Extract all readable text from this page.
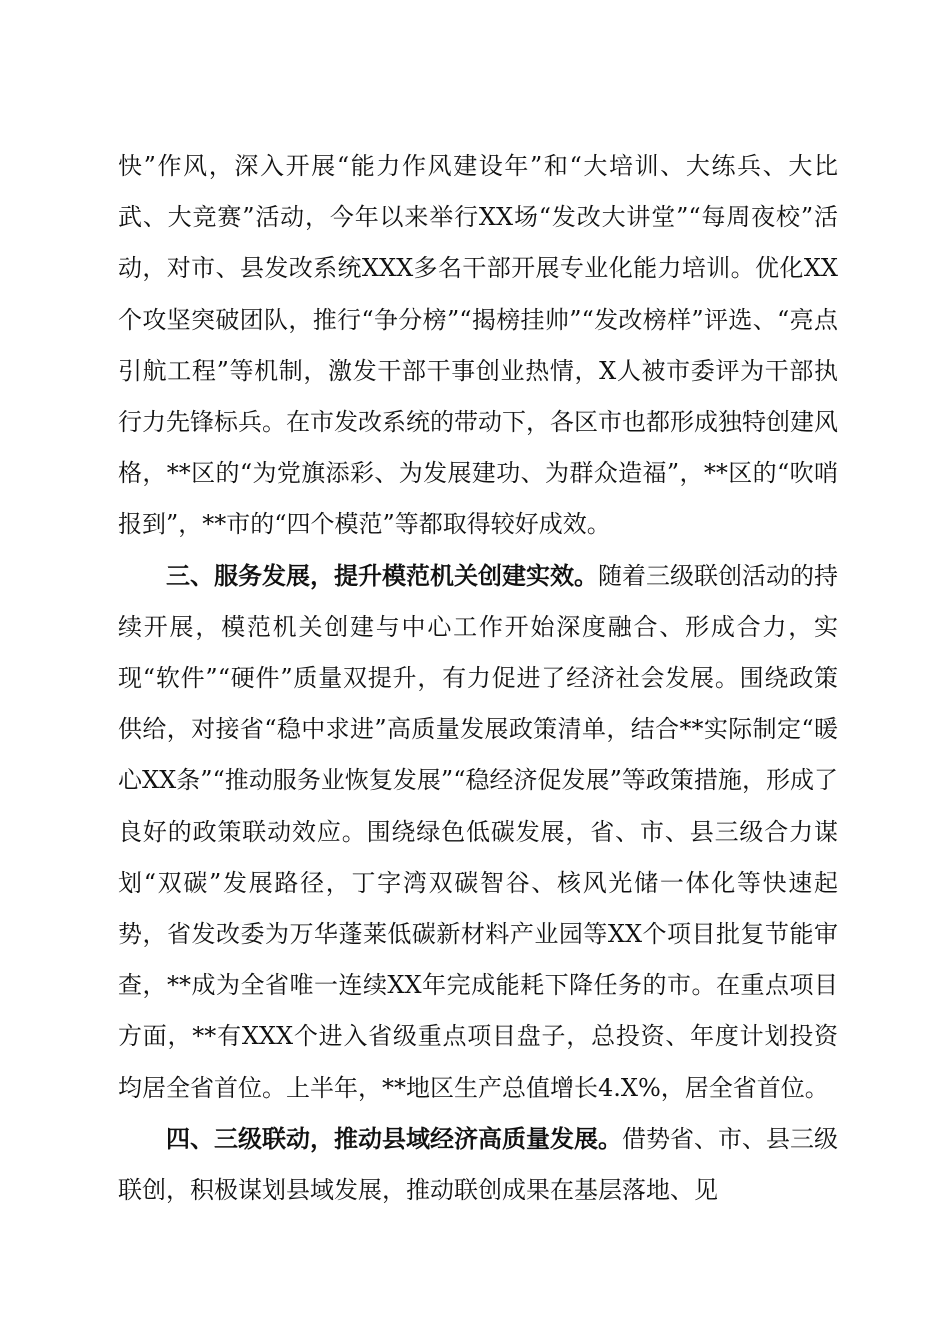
快”作风，深入开展“能力作风建设年”和“大培训、大练兵、大比武、大竞赛”活动，今年以来举行XX场“发改大讲堂”“每周夜校”活动，对市、县发改系统XXX多名干部开展专业化能力培训。优化XX个攻坚突破团队，推行“争分榜”“揭榜挂帅”“发改榜样”评选、“亮点引航工程”等机制，激发干部干事创业热情，X人被市委评为干部执行力先锋标兵。在市发改系统的带动下，各区市也都形成独特创建风格，**区的“为党旗添彩、为发展建功、为群众造福”，**区的“吹哨报到”，**市的“四个模范”等都取得较好成效。

三、服务发展，提升模范机关创建实效。随着三级联创活动的持续开展，模范机关创建与中心工作开始深度融合、形成合力，实现“软件”“硬件”质量双提升，有力促进了经济社会发展。围绕政策供给，对接省“稳中求进”高质量发展政策清单，结合**实际制定“暖心XX条”“推动服务业恢复发展”“稳经济促发展”等政策措施，形成了良好的政策联动效应。围绕绿色低碳发展，省、市、县三级合力谋划“双碳”发展路径，丁字湾双碳智谷、核风光储一体化等快速起势，省发改委为万华蓬莱低碳新材料产业园等XX个项目批复节能审查，**成为全省唯一连续XX年完成能耗下降任务的市。在重点项目方面，**有XXX个进入省级重点项目盘子，总投资、年度计划投资均居全省首位。上半年，**地区生产总值增长4.X%，居全省首位。

四、三级联动，推动县域经济高质量发展。借势省、市、县三级联创，积极谋划县域发展，推动联创成果在基层落地、见
